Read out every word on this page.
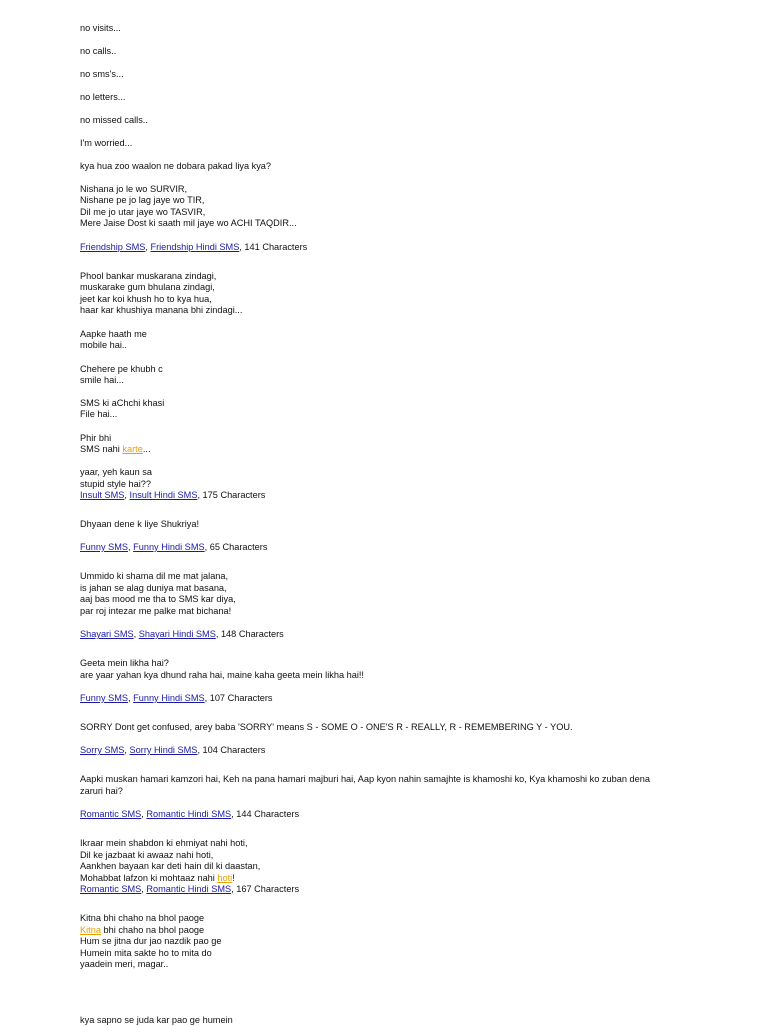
no visits...
no calls..
no sms's...
no letters...
no missed calls..
I'm worried...
kya hua zoo waalon ne dobara pakad liya kya?
Nishana jo le wo SURVIR,
Nishane pe jo lag jaye wo TIR,
Dil me jo utar jaye wo TASVIR,
Mere Jaise Dost ki saath mil jaye wo ACHI TAQDIR...
Friendship SMS, Friendship Hindi SMS, 141 Characters
Phool bankar muskarana zindagi,
muskarake gum bhulana zindagi,
jeet kar koi khush ho to kya hua,
haar kar khushiya manana bhi zindagi...
Aapke haath me
mobile hai..
Chehere pe khubh c
smile hai...
SMS ki aChchi khasi
File hai...
Phir bhi
SMS nahi karte...
yaar, yeh kaun sa
stupid style hai??
Insult SMS, Insult Hindi SMS, 175 Characters
Dhyaan dene k liye Shukriya!
Funny SMS, Funny Hindi SMS, 65 Characters
Ummido ki shama dil me mat jalana,
is jahan se alag duniya mat basana,
aaj bas mood me tha to SMS kar diya,
par roj intezar me palke mat bichana!
Shayari SMS, Shayari Hindi SMS, 148 Characters
Geeta mein likha hai?
are yaar yahan kya dhund raha hai, maine kaha geeta mein likha hai!!
Funny SMS, Funny Hindi SMS, 107 Characters
SORRY Dont get confused, arey baba 'SORRY' means S - SOME O - ONE'S R - REALLY, R - REMEMBERING Y - YOU.
Sorry SMS, Sorry Hindi SMS, 104 Characters
Aapki muskan hamari kamzori hai, Keh na pana hamari majburi hai, Aap kyon nahin samajhte is khamoshi ko, Kya khamoshi ko zuban dena
zaruri hai?
Romantic SMS, Romantic Hindi SMS, 144 Characters
Ikraar mein shabdon ki ehmiyat nahi hoti,
Dil ke jazbaat ki awaaz nahi hoti,
Aankhen bayaan kar deti hain dil ki daastan,
Mohabbat lafzon ki mohtaaz nahi hoti!
Romantic SMS, Romantic Hindi SMS, 167 Characters
Kitna bhi chaho na bhol paoge
Kitna bhi chaho na bhol paoge
Hum se jitna dur jao nazdik pao ge
Humein mita sakte ho to mita do
yaadein meri, magar..
kya sapno se juda kar pao ge humein
